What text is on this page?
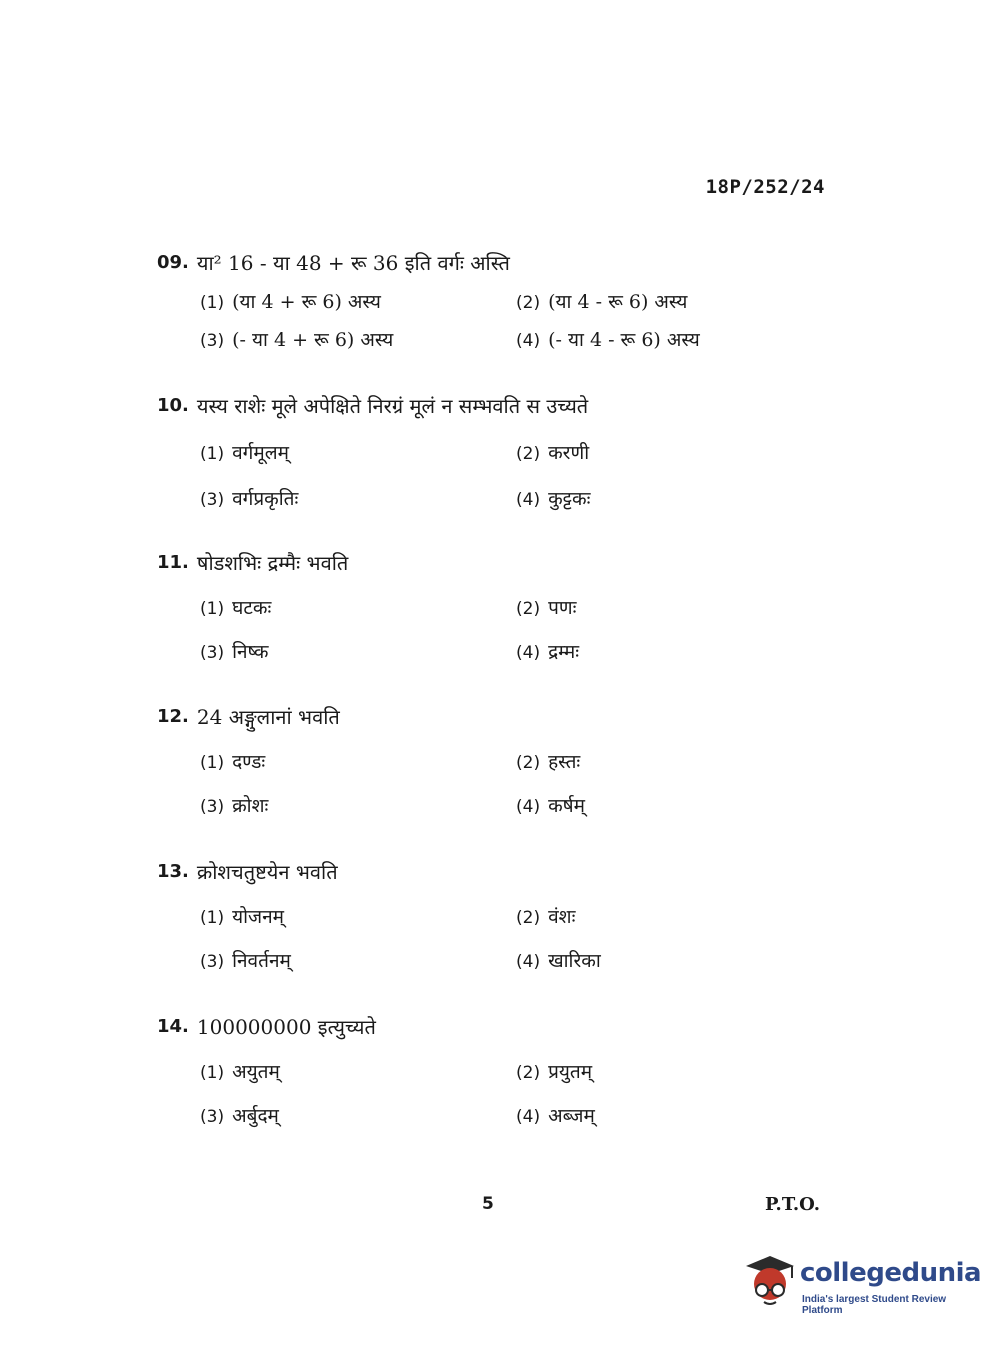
18P/252/24
09. या² 16 - या 48 + रू 36 इति वर्गः अस्ति
(1) (या 4 + रू 6) अस्य	(2) (या 4 - रू 6) अस्य
(3) (- या 4 + रू 6) अस्य	(4) (- या 4 - रू 6) अस्य
10. यस्य राशेः मूले अपेक्षिते निरग्रं मूलं न सम्भवति स उच्यते
(1) वर्गमूलम्	(2) करणी
(3) वर्गप्रकृतिः	(4) कुट्टकः
11. षोडशभिः द्रम्मैः भवति
(1) घटकः	(2) पणः
(3) निष्क	(4) द्रम्मः
12. 24 अङ्गुलानां भवति
(1) दण्डः	(2) हस्तः
(3) क्रोशः	(4) कर्षम्
13. क्रोशचतुष्टयेन भवति
(1) योजनम्	(2) वंशः
(3) निवर्तनम्	(4) खारिका
14. 100000000 इत्युच्यते
(1) अयुतम्	(2) प्रयुतम्
(3) अर्बुदम्	(4) अब्जम्
5	P.T.O.
collegedunia
India's largest Student Review Platform
